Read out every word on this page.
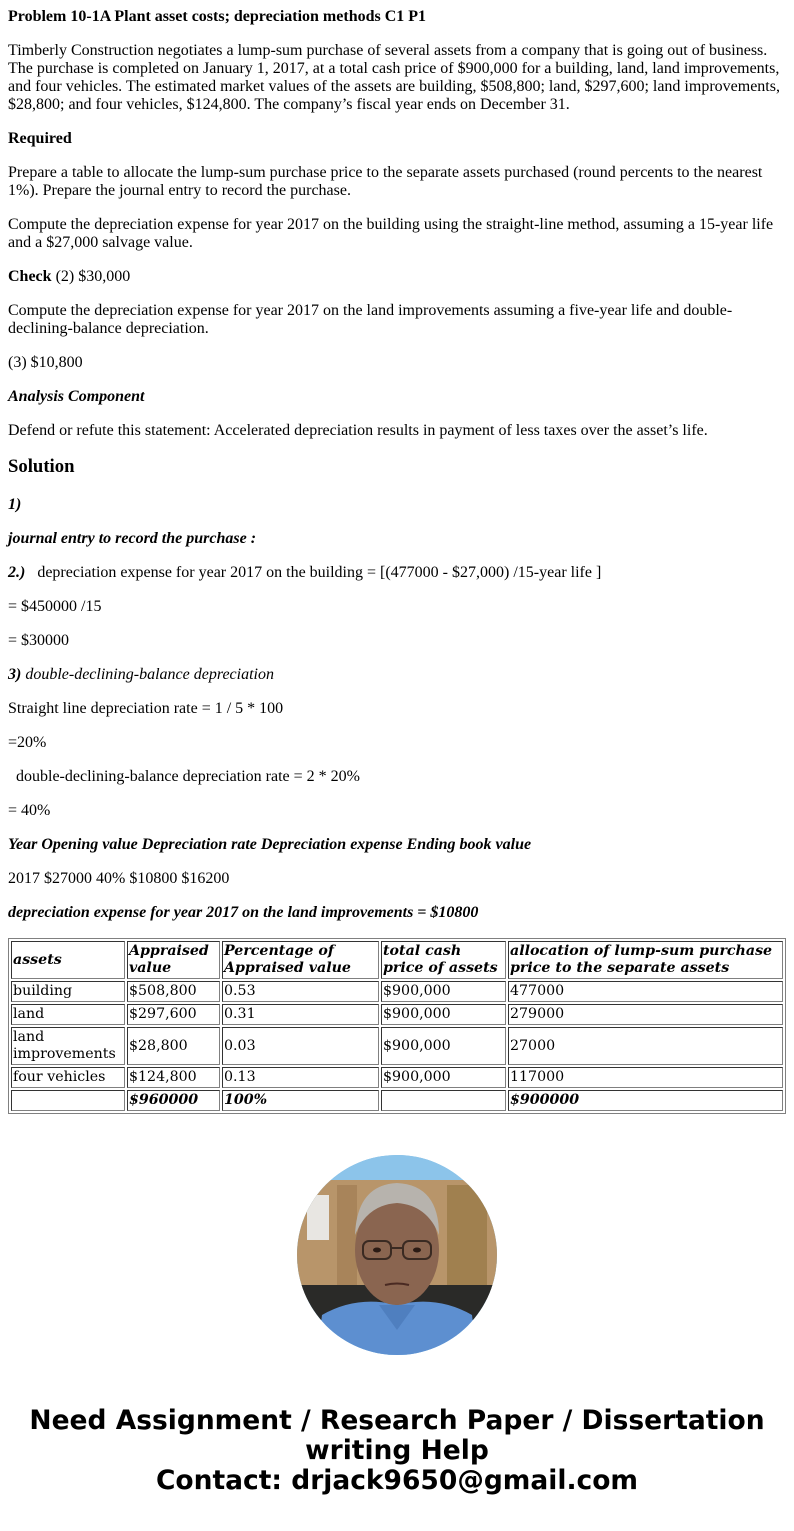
Problem 10-1A Plant asset costs; depreciation methods C1 P1

Timberly Construction negotiates a lump-sum purchase of several assets from a company that is going out of business. The purchase is completed on January 1, 2017, at a total cash price of $900,000 for a building, land, land improvements, and four vehicles. The estimated market values of the assets are building, $508,800; land, $297,600; land improvements, $28,800; and four vehicles, $124,800. The company’s fiscal year ends on December 31.

Required

Prepare a table to allocate the lump-sum purchase price to the separate assets purchased (round percents to the nearest 1%). Prepare the journal entry to record the purchase.

Compute the depreciation expense for year 2017 on the building using the straight-line method, assuming a 15-year life and a $27,000 salvage value.

Check (2) $30,000

Compute the depreciation expense for year 2017 on the land improvements assuming a five-year life and double-declining-balance depreciation.

(3) $10,800

Analysis Component

Defend or refute this statement: Accelerated depreciation results in payment of less taxes over the asset’s life.

Solution

1)

journal entry to record the purchase :

2.) depreciation expense for year 2017 on the building = [(477000 - $27,000) /15-year life ]

= $450000 /15

= $30000

3) double-declining-balance depreciation

Straight line depreciation rate = 1 / 5 * 100

=20%

double-declining-balance depreciation rate = 2 * 20%

= 40%

Year Opening value Depreciation rate Depreciation expense Ending book value

2017 $27000 40% $10800 $16200

depreciation expense for year 2017 on the land improvements = $10800

assets	Appraised value	Percentage of Appraised value	total cash price of assets	allocation of lump-sum purchase price to the separate assets
building	$508,800	0.53	$900,000	477000
land	$297,600	0.31	$900,000	279000
land improvements	$28,800	0.03	$900,000	27000
four vehicles	$124,800	0.13	$900,000	117000
	$960000	100%		$900000
Need Assignment / Research Paper / Dissertation
writing Help
Contact: drjack9650@gmail.com
